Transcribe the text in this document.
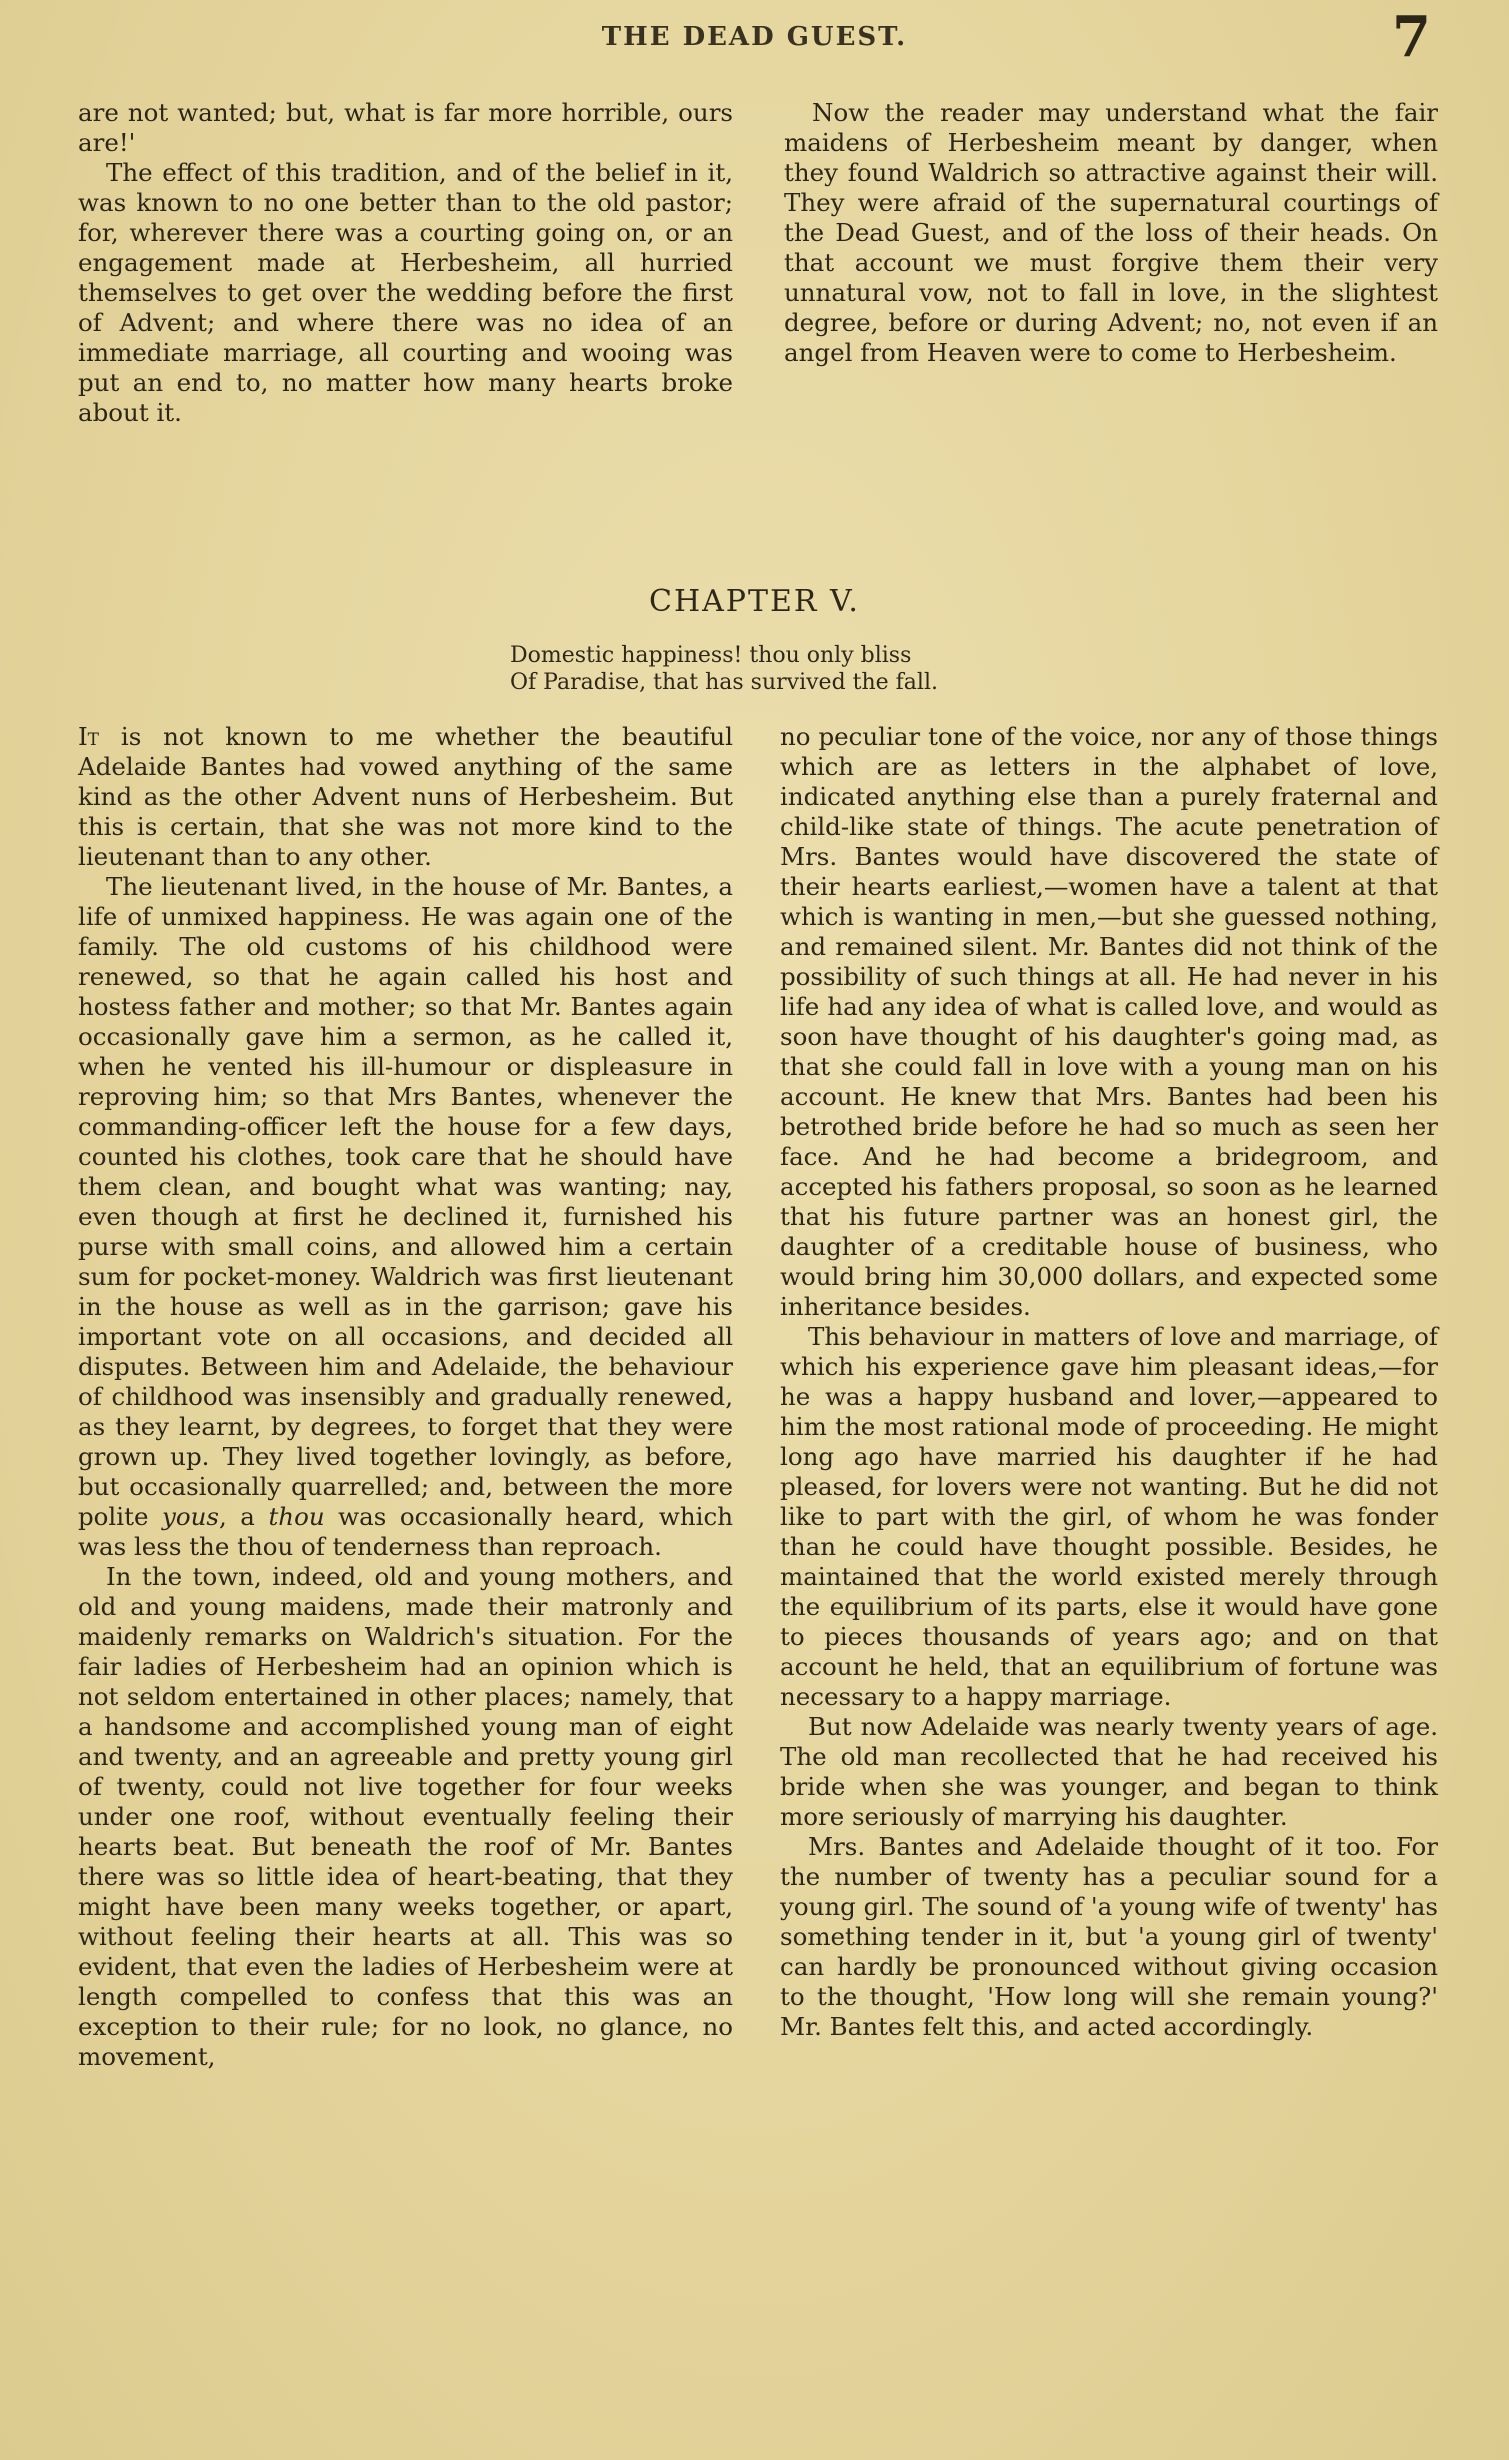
THE DEAD GUEST.	7

are not wanted; but, what is far more horrible, ours are!'

The effect of this tradition, and of the belief in it, was known to no one better than to the old pastor; for, wherever there was a courting going on, or an engagement made at Herbesheim, all hurried themselves to get over the wedding before the first of Advent; and where there was no idea of an immediate marriage, all courting and wooing was put an end to, no matter how many hearts broke about it.

Now the reader may understand what the fair maidens of Herbesheim meant by danger, when they found Waldrich so attractive against their will. They were afraid of the supernatural courtings of the Dead Guest, and of the loss of their heads. On that account we must forgive them their very unnatural vow, not to fall in love, in the slightest degree, before or during Advent; no, not even if an angel from Heaven were to come to Herbesheim.

CHAPTER V.
Domestic happiness! thou only bliss
Of Paradise, that has survived the fall.

It is not known to me whether the beautiful Adelaide Bantes had vowed anything of the same kind as the other Advent nuns of Herbesheim. But this is certain, that she was not more kind to the lieutenant than to any other.

The lieutenant lived, in the house of Mr. Bantes, a life of unmixed happiness. He was again one of the family. The old customs of his childhood were renewed, so that he again called his host and hostess father and mother; so that Mr. Bantes again occasionally gave him a sermon, as he called it, when he vented his ill-humour or displeasure in reproving him; so that Mrs Bantes, whenever the commanding-officer left the house for a few days, counted his clothes, took care that he should have them clean, and bought what was wanting; nay, even though at first he declined it, furnished his purse with small coins, and allowed him a certain sum for pocket-money. Waldrich was first lieutenant in the house as well as in the garrison; gave his important vote on all occasions, and decided all disputes. Between him and Adelaide, the behaviour of childhood was insensibly and gradually renewed, as they learnt, by degrees, to forget that they were grown up. They lived together lovingly, as before, but occasionally quarrelled; and, between the more polite yous, a thou was occasionally heard, which was less the thou of tenderness than reproach.

In the town, indeed, old and young mothers, and old and young maidens, made their matronly and maidenly remarks on Waldrich's situation. For the fair ladies of Herbesheim had an opinion which is not seldom entertained in other places; namely, that a handsome and accomplished young man of eight and twenty, and an agreeable and pretty young girl of twenty, could not live together for four weeks under one roof, without eventually feeling their hearts beat. But beneath the roof of Mr. Bantes there was so little idea of heart-beating, that they might have been many weeks together, or apart, without feeling their hearts at all. This was so evident, that even the ladies of Herbesheim were at length compelled to confess that this was an exception to their rule; for no look, no glance, no movement,

no peculiar tone of the voice, nor any of those things which are as letters in the alphabet of love, indicated anything else than a purely fraternal and child-like state of things. The acute penetration of Mrs. Bantes would have discovered the state of their hearts earliest,—women have a talent at that which is wanting in men,—but she guessed nothing, and remained silent. Mr. Bantes did not think of the possibility of such things at all. He had never in his life had any idea of what is called love, and would as soon have thought of his daughter's going mad, as that she could fall in love with a young man on his account. He knew that Mrs. Bantes had been his betrothed bride before he had so much as seen her face. And he had become a bridegroom, and accepted his fathers proposal, so soon as he learned that his future partner was an honest girl, the daughter of a creditable house of business, who would bring him 30,000 dollars, and expected some inheritance besides.

This behaviour in matters of love and marriage, of which his experience gave him pleasant ideas,—for he was a happy husband and lover,—appeared to him the most rational mode of proceeding. He might long ago have married his daughter if he had pleased, for lovers were not wanting. But he did not like to part with the girl, of whom he was fonder than he could have thought possible. Besides, he maintained that the world existed merely through the equilibrium of its parts, else it would have gone to pieces thousands of years ago; and on that account he held, that an equilibrium of fortune was necessary to a happy marriage.

But now Adelaide was nearly twenty years of age. The old man recollected that he had received his bride when she was younger, and began to think more seriously of marrying his daughter.

Mrs. Bantes and Adelaide thought of it too. For the number of twenty has a peculiar sound for a young girl. The sound of 'a young wife of twenty' has something tender in it, but 'a young girl of twenty' can hardly be pronounced without giving occasion to the thought, 'How long will she remain young?' Mr. Bantes felt this, and acted accordingly.
